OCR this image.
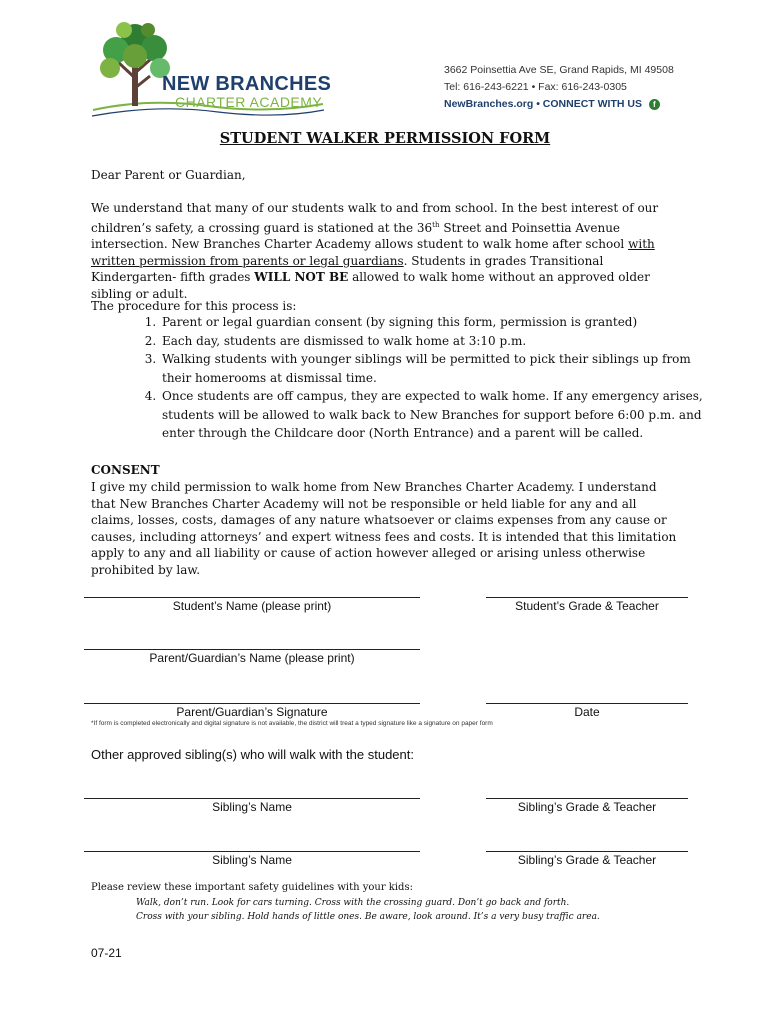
NEW BRANCHES
CHARTER ACADEMY
3662 Poinsettia Ave SE, Grand Rapids, MI 49508
Tel: 616-243-6221 • Fax: 616-243-0305
NewBranches.org • CONNECT WITH US f
STUDENT WALKER PERMISSION FORM
Dear Parent or Guardian,
We understand that many of our students walk to and from school. In the best interest of our children’s safety, a crossing guard is stationed at the 36th Street and Poinsettia Avenue intersection. New Branches Charter Academy allows student to walk home after school with written permission from parents or legal guardians. Students in grades Transitional Kindergarten- fifth grades WILL NOT BE allowed to walk home without an approved older sibling or adult.
The procedure for this process is:
1. Parent or legal guardian consent (by signing this form, permission is granted)
2. Each day, students are dismissed to walk home at 3:10 p.m.
3. Walking students with younger siblings will be permitted to pick their siblings up from their homerooms at dismissal time.
4. Once students are off campus, they are expected to walk home. If any emergency arises, students will be allowed to walk back to New Branches for support before 6:00 p.m. and enter through the Childcare door (North Entrance) and a parent will be called.
CONSENT
I give my child permission to walk home from New Branches Charter Academy. I understand that New Branches Charter Academy will not be responsible or held liable for any and all claims, losses, costs, damages of any nature whatsoever or claims expenses from any cause or causes, including attorneys’ and expert witness fees and costs. It is intended that this limitation apply to any and all liability or cause of action however alleged or arising unless otherwise prohibited by law.
Student’s Name (please print)	Student’s Grade & Teacher
Parent/Guardian’s Name (please print)
Parent/Guardian’s Signature	Date
*If form is completed electronically and digital signature is not available, the district will treat a typed signature like a signature on paper form
Other approved sibling(s) who will walk with the student:
Sibling’s Name	Sibling’s Grade & Teacher
Sibling’s Name	Sibling’s Grade & Teacher
Please review these important safety guidelines with your kids:
Walk, don’t run. Look for cars turning. Cross with the crossing guard. Don’t go back and forth.
Cross with your sibling. Hold hands of little ones. Be aware, look around. It’s a very busy traffic area.
07-21
